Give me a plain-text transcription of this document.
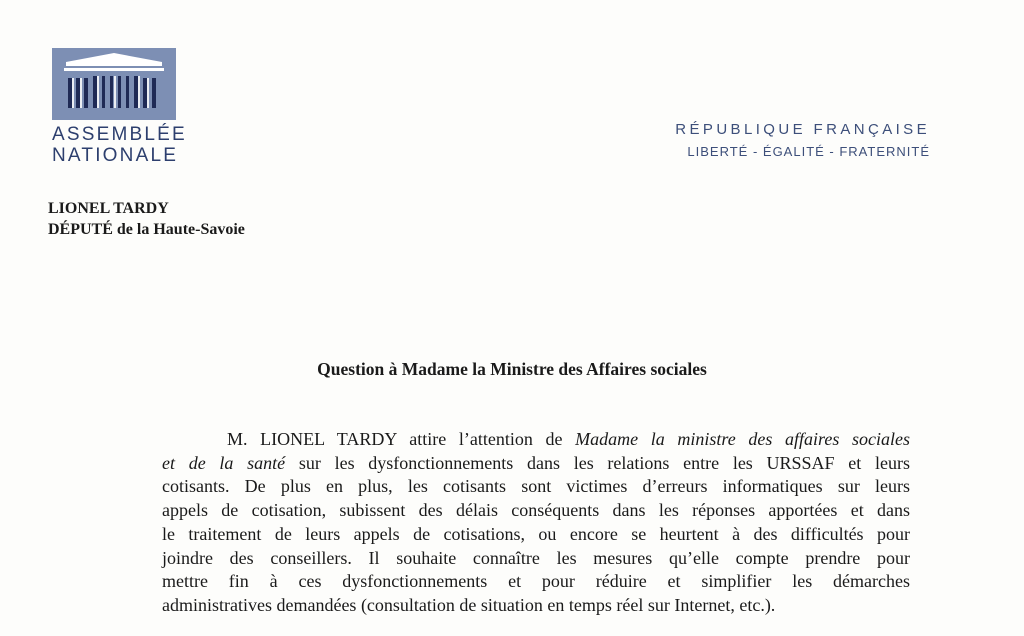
ASSEMBLÉE
NATIONALE
RÉPUBLIQUE FRANÇAISE
LIBERTÉ - ÉGALITÉ - FRATERNITÉ
LIONEL TARDY
DÉPUTÉ de la Haute-Savoie
Question à Madame la Ministre des Affaires sociales
M. LIONEL TARDY attire l’attention de Madame la ministre des affaires sociales
et de la santé sur les dysfonctionnements dans les relations entre les URSSAF et leurs
cotisants. De plus en plus, les cotisants sont victimes d’erreurs informatiques sur leurs
appels de cotisation, subissent des délais conséquents dans les réponses apportées et dans
le traitement de leurs appels de cotisations, ou encore se heurtent à des difficultés pour
joindre des conseillers. Il souhaite connaître les mesures qu’elle compte prendre pour
mettre fin à ces dysfonctionnements et pour réduire et simplifier les démarches
administratives demandées (consultation de situation en temps réel sur Internet, etc.).
